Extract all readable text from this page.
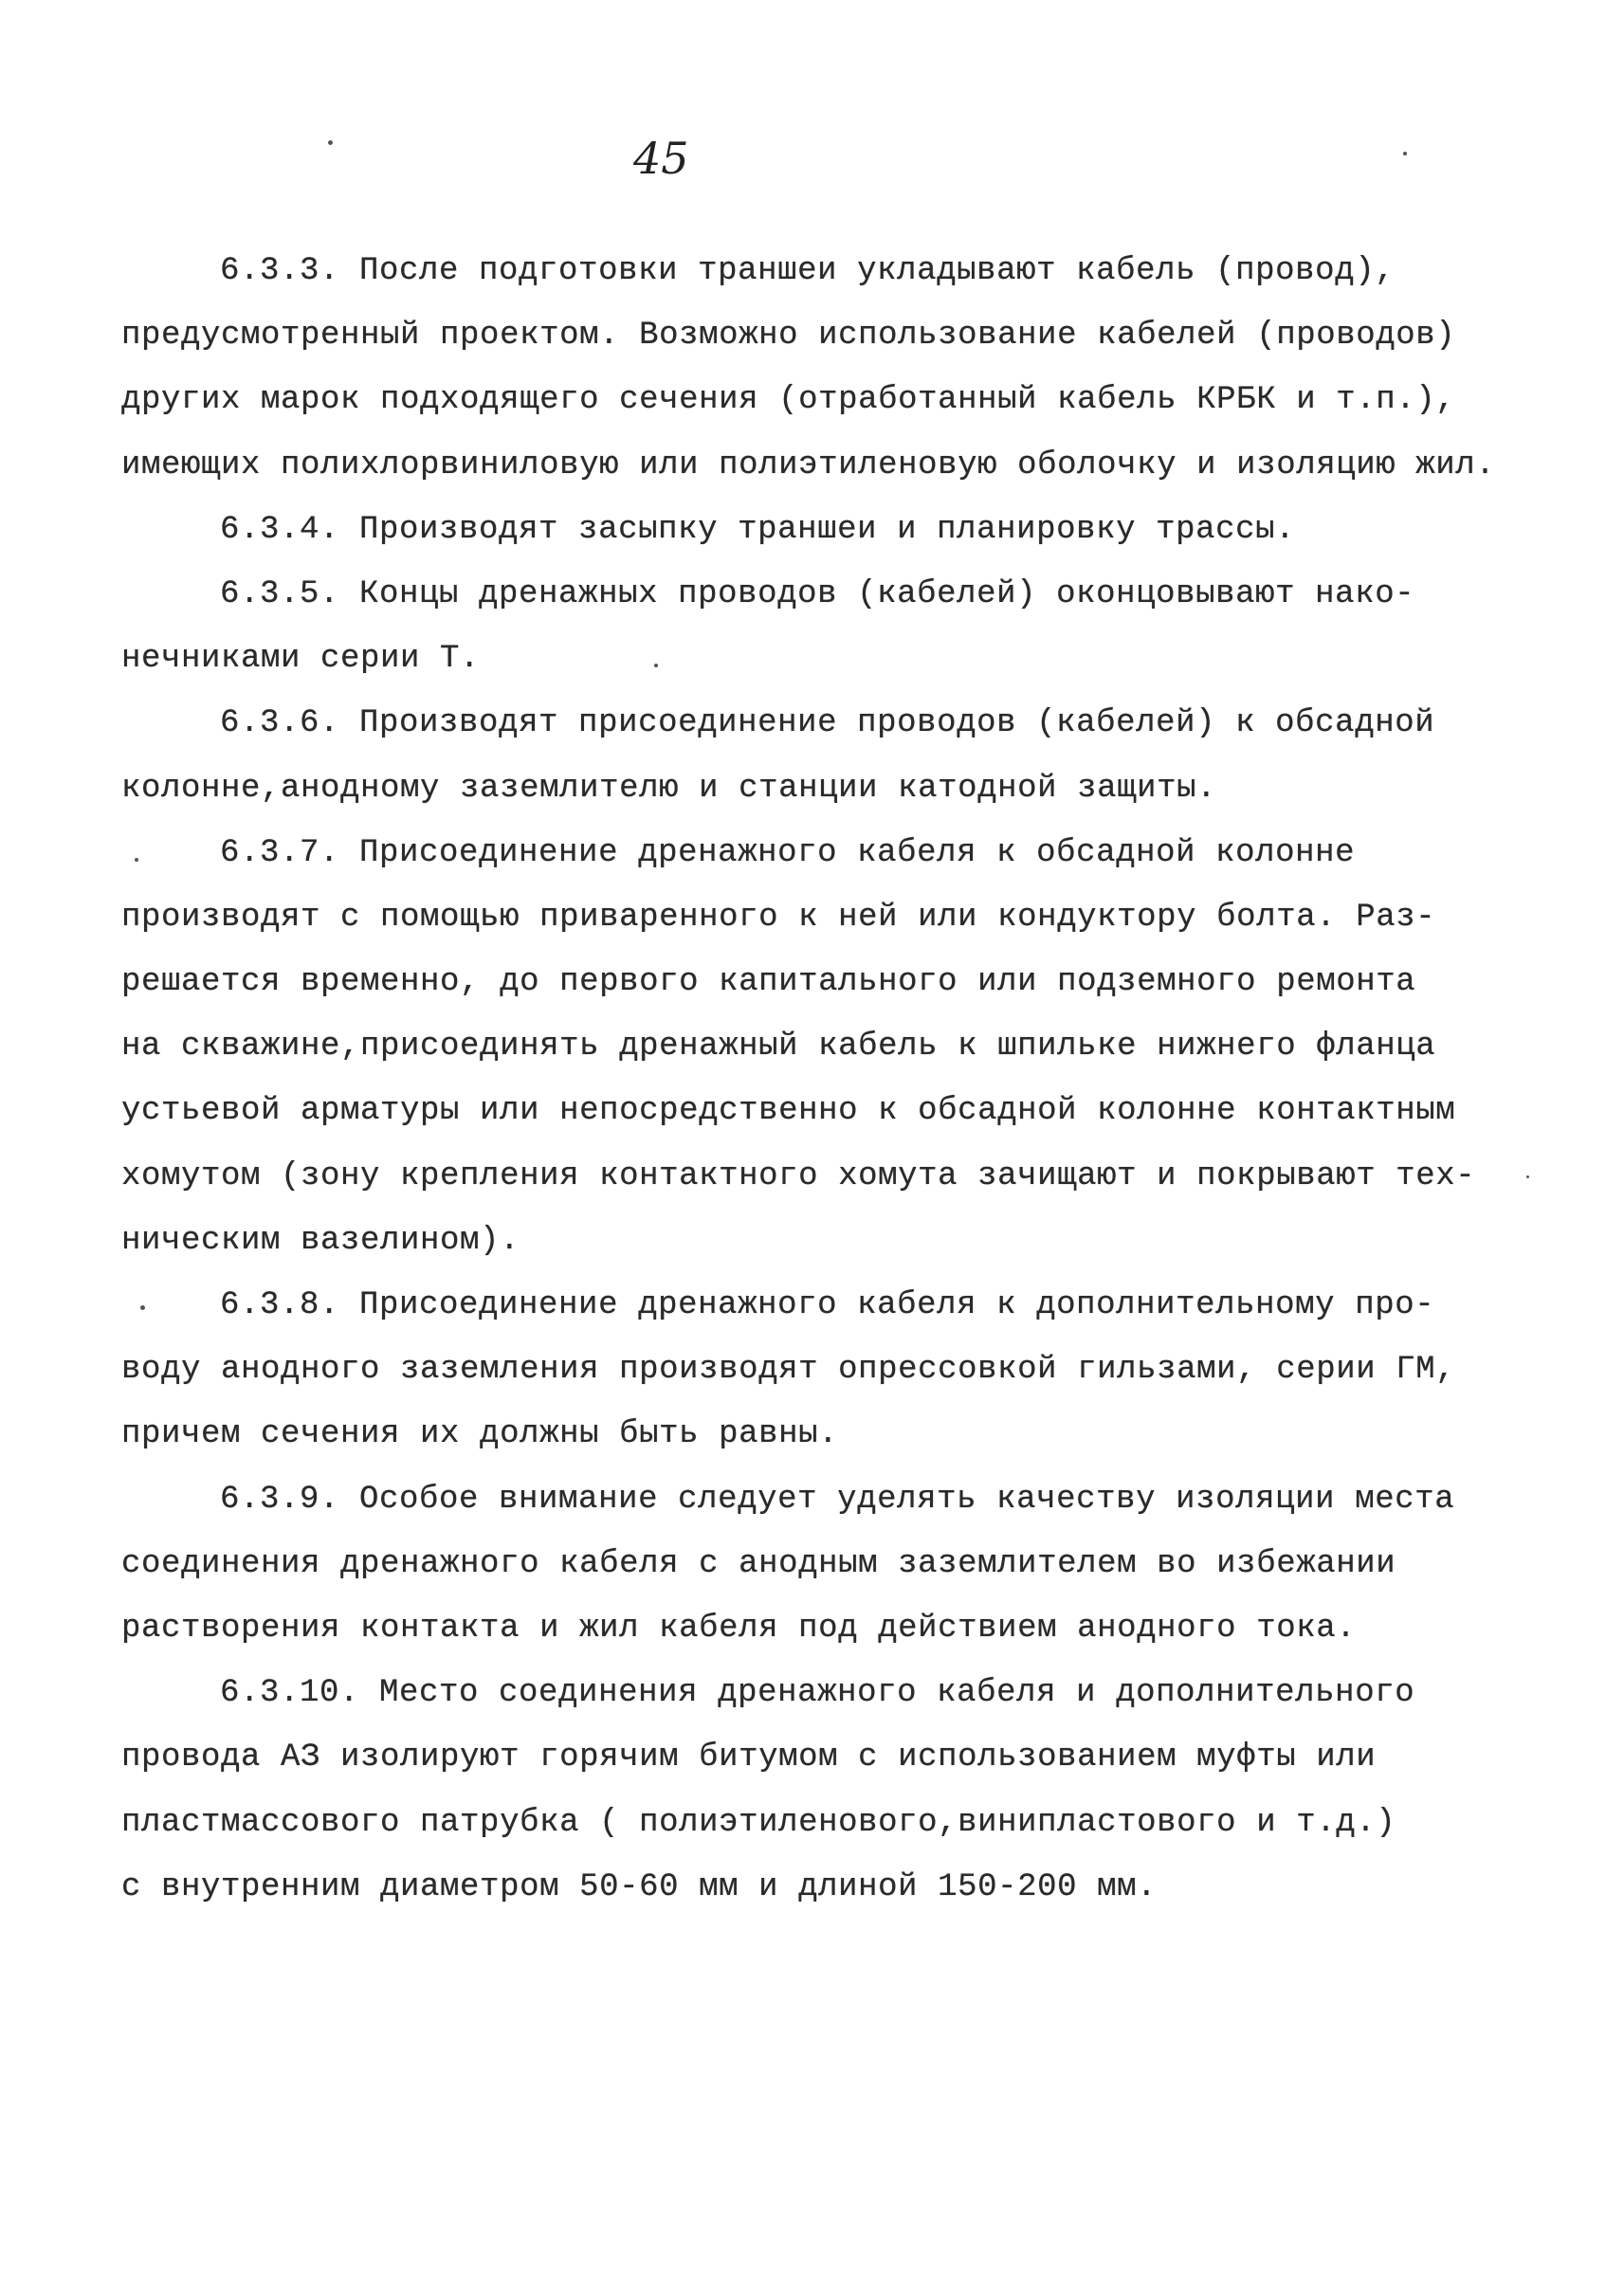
45
6.3.3. После подготовки траншеи укладывают кабель (провод),
предусмотренный проектом. Возможно использование кабелей (проводов)
других марок подходящего сечения (отработанный кабель КРБК и т.п.),
имеющих полихлорвиниловую или полиэтиленовую оболочку и изоляцию жил.
6.3.4. Производят засыпку траншеи и планировку трассы.
6.3.5. Концы дренажных проводов (кабелей) оконцовывают нако-
нечниками серии Т.
6.3.6. Производят присоединение проводов (кабелей) к обсадной
колонне,анодному заземлителю и станции катодной защиты.
6.3.7. Присоединение дренажного кабеля к обсадной колонне
производят с помощью приваренного к ней или кондуктору болта. Раз-
решается временно, до первого капитального или подземного ремонта
на скважине,присоединять дренажный кабель к шпильке нижнего фланца
устьевой арматуры или непосредственно к обсадной колонне контактным
хомутом (зону крепления контактного хомута зачищают и покрывают тех-
ническим вазелином).
6.3.8. Присоединение дренажного кабеля к дополнительному про-
воду анодного заземления производят опрессовкой гильзами, серии ГМ,
причем сечения их должны быть равны.
6.3.9. Особое внимание следует уделять качеству изоляции места
соединения дренажного кабеля с анодным заземлителем во избежании
растворения контакта и жил кабеля под действием анодного тока.
6.3.10. Место соединения дренажного кабеля и дополнительного
провода АЗ изолируют горячим битумом с использованием муфты или
пластмассового патрубка ( полиэтиленового,винипластового и т.д.)
с внутренним диаметром 50-60 мм и длиной 150-200 мм.
